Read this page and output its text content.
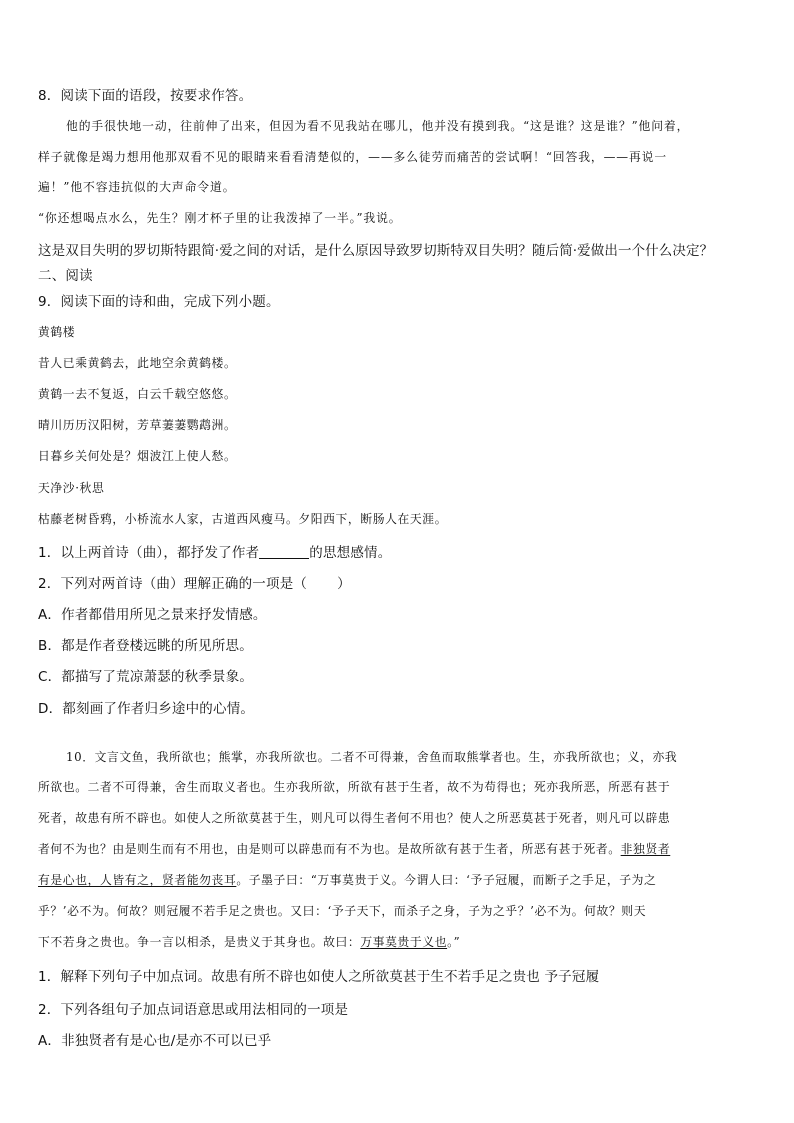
8．阅读下面的语段，按要求作答。
他的手很快地一动，往前伸了出来，但因为看不见我站在哪儿，他并没有摸到我。“这是谁？这是谁？”他问着，
样子就像是竭力想用他那双看不见的眼睛来看看清楚似的，——多么徒劳而痛苦的尝试啊！“回答我，——再说一
遍！”他不容违抗似的大声命令道。
“你还想喝点水么，先生？刚才杯子里的让我泼掉了一半。”我说。
这是双目失明的罗切斯特跟简·爱之间的对话，是什么原因导致罗切斯特双目失明？随后简·爱做出一个什么决定？
二、阅读
9．阅读下面的诗和曲，完成下列小题。
黄鹤楼
昔人已乘黄鹤去，此地空余黄鹤楼。
黄鹤一去不复返，白云千载空悠悠。
晴川历历汉阳树，芳草萋萋鹦鹉洲。
日暮乡关何处是？烟波江上使人愁。
天净沙·秋思
枯藤老树昏鸦，小桥流水人家，古道西风瘦马。夕阳西下，断肠人在天涯。
1．以上两首诗（曲），都抒发了作者	的思想感情。
2．下列对两首诗（曲）理解正确的一项是（ ）
A．作者都借用所见之景来抒发情感。
B．都是作者登楼远眺的所见所思。
C．都描写了荒凉萧瑟的秋季景象。
D．都刻画了作者归乡途中的心情。
10．文言文鱼，我所欲也；熊掌，亦我所欲也。二者不可得兼，舍鱼而取熊掌者也。生，亦我所欲也；义，亦我
所欲也。二者不可得兼，舍生而取义者也。生亦我所欲，所欲有甚于生者，故不为苟得也；死亦我所恶，所恶有甚于
死者，故患有所不辟也。如使人之所欲莫甚于生，则凡可以得生者何不用也？使人之所恶莫甚于死者，则凡可以辟患
者何不为也？由是则生而有不用也，由是则可以辟患而有不为也。是故所欲有甚于生者，所恶有甚于死者。非独贤者
有是心也，人皆有之，贤者能勿丧耳。子墨子曰：“万事莫贵于义。今谓人曰：‘予子冠履，而断子之手足，子为之
乎？’必不为。何故？则冠履不若手足之贵也。又曰：‘予子天下，而杀子之身，子为之乎？’必不为。何故？则天
下不若身之贵也。争一言以相杀，是贵义于其身也。故曰：万事莫贵于义也。”
1．解释下列句子中加点词。故患有所不辟也如使人之所欲莫甚于生不若手足之贵也 予子冠履
2．下列各组句子加点词语意思或用法相同的一项是
A．非独贤者有是心也/是亦不可以已乎
